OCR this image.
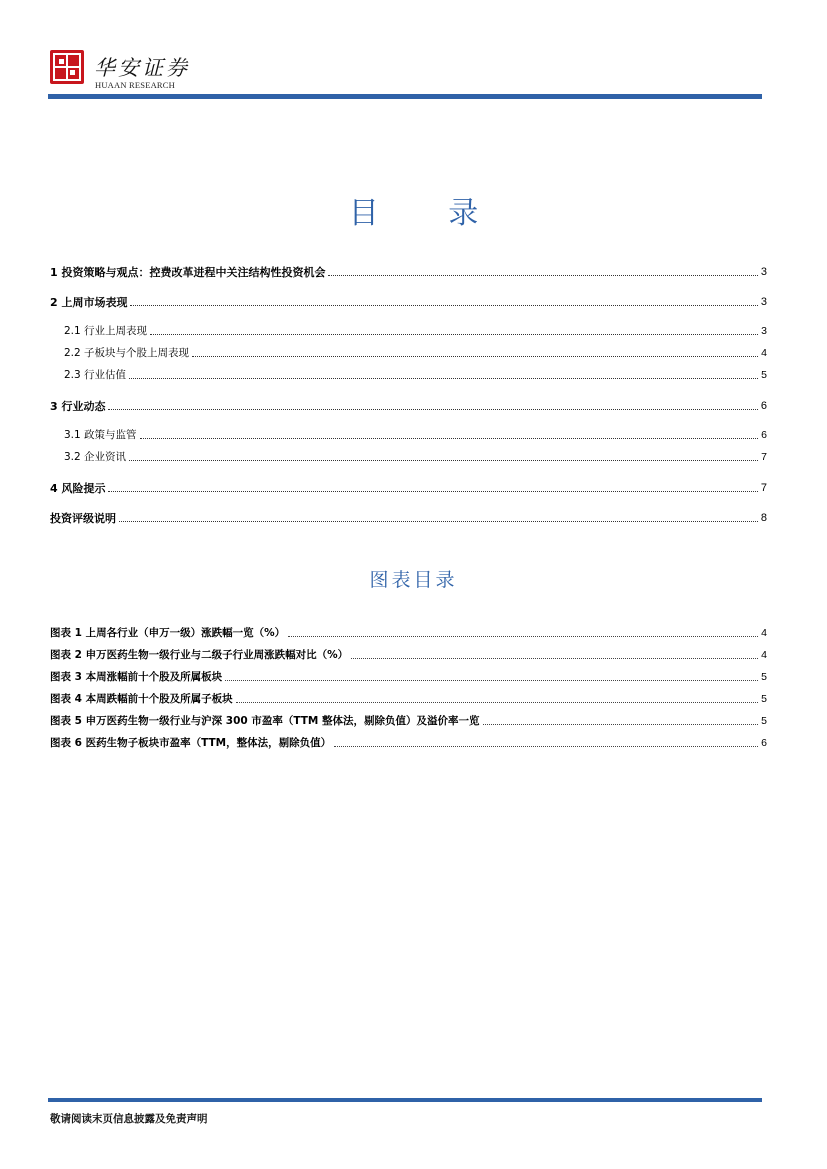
华安证券
HUAAN RESEARCH
目 录
1 投资策略与观点：控费改革进程中关注结构性投资机会	3
2 上周市场表现	3
2.1 行业上周表现	3
2.2 子板块与个股上周表现	4
2.3 行业估值	5
3 行业动态	6
3.1 政策与监管	6
3.2 企业资讯	7
4 风险提示	7
投资评级说明	8
图表目录
图表 1 上周各行业（申万一级）涨跌幅一览（%）	4
图表 2 申万医药生物一级行业与二级子行业周涨跌幅对比（%）	4
图表 3 本周涨幅前十个股及所属板块	5
图表 4 本周跌幅前十个股及所属子板块	5
图表 5 申万医药生物一级行业与沪深 300 市盈率（TTM 整体法，剔除负值）及溢价率一览	5
图表 6 医药生物子板块市盈率（TTM，整体法，剔除负值）	6
敬请阅读末页信息披露及免责声明
